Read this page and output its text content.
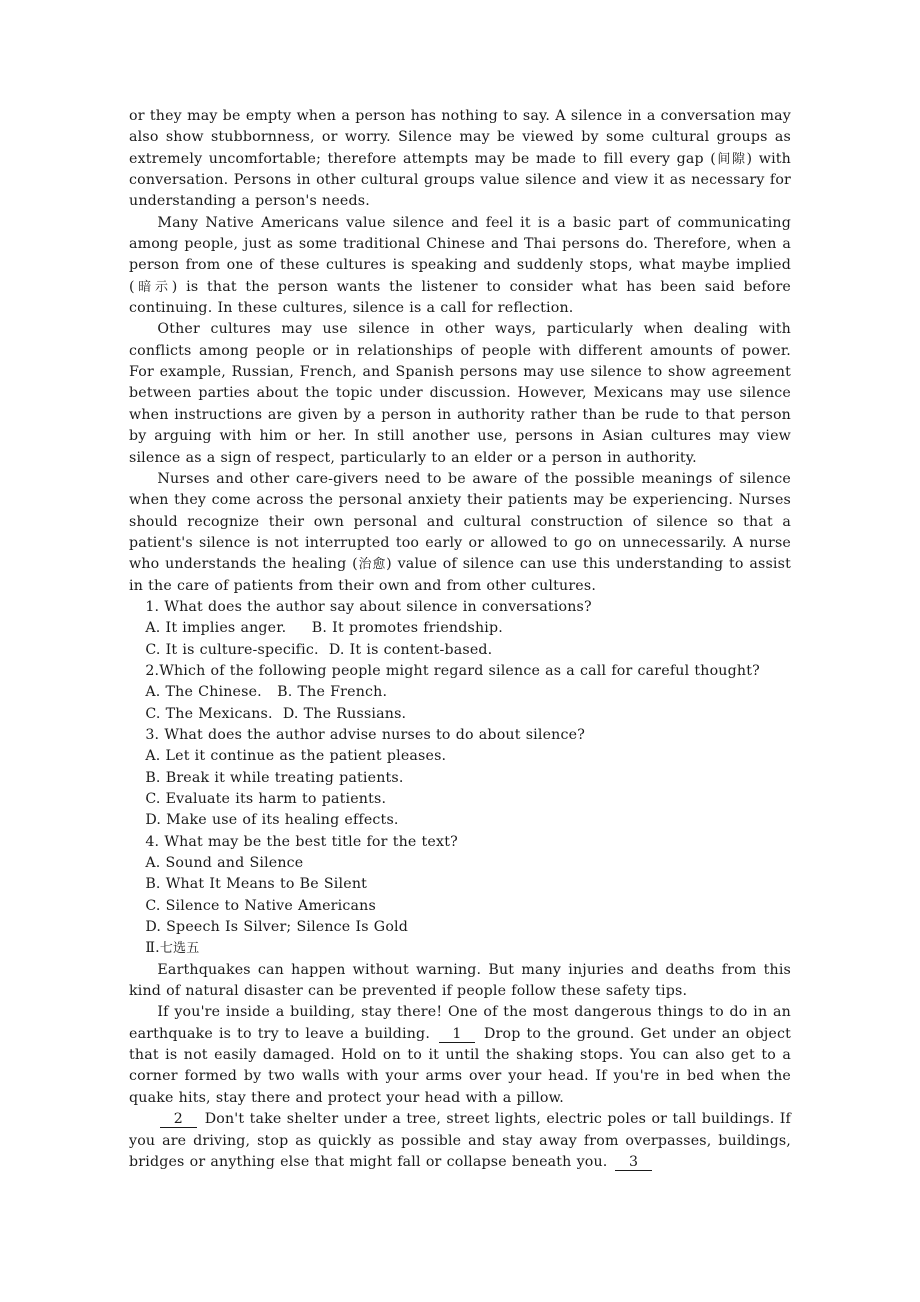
or they may be empty when a person has nothing to say. A silence in a conversation may also show stubbornness, or worry. Silence may be viewed by some cultural groups as extremely uncomfortable; therefore attempts may be made to fill every gap (间隙) with conversation. Persons in other cultural groups value silence and view it as necessary for understanding a person's needs.

Many Native Americans value silence and feel it is a basic part of communicating among people, just as some traditional Chinese and Thai persons do. Therefore, when a person from one of these cultures is speaking and suddenly stops, what maybe implied (暗示) is that the person wants the listener to consider what has been said before continuing. In these cultures, silence is a call for reflection.

Other cultures may use silence in other ways, particularly when dealing with conflicts among people or in relationships of people with different amounts of power. For example, Russian, French, and Spanish persons may use silence to show agreement between parties about the topic under discussion. However, Mexicans may use silence when instructions are given by a person in authority rather than be rude to that person by arguing with him or her. In still another use, persons in Asian cultures may view silence as a sign of respect, particularly to an elder or a person in authority.

Nurses and other care-givers need to be aware of the possible meanings of silence when they come across the personal anxiety their patients may be experiencing. Nurses should recognize their own personal and cultural construction of silence so that a patient's silence is not interrupted too early or allowed to go on unnecessarily. A nurse who understands the healing (治愈) value of silence can use this understanding to assist in the care of patients from their own and from other cultures.

1. What does the author say about silence in conversations?

A. It implies anger.     B. It promotes friendship.

C. It is culture-specific.  D. It is content-based.

2.Which of the following people might regard silence as a call for careful thought?

A. The Chinese.   B. The French.

C. The Mexicans.  D. The Russians.

3. What does the author advise nurses to do about silence?

A. Let it continue as the patient pleases.

B. Break it while treating patients.

C. Evaluate its harm to patients.

D. Make use of its healing effects.

4. What may be the best title for the text?

A. Sound and Silence

B. What It Means to Be Silent

C. Silence to Native Americans

D. Speech Is Silver; Silence Is Gold

Ⅱ.七选五

Earthquakes can happen without warning. But many injuries and deaths from this kind of natural disaster can be prevented if people follow these safety tips.

If you're inside a building, stay there! One of the most dangerous things to do in an earthquake is to try to leave a building. 1 Drop to the ground. Get under an object that is not easily damaged. Hold on to it until the shaking stops. You can also get to a corner formed by two walls with your arms over your head. If you're in bed when the quake hits, stay there and protect your head with a pillow.

2 Don't take shelter under a tree, street lights, electric poles or tall buildings. If you are driving, stop as quickly as possible and stay away from overpasses, buildings, bridges or anything else that might fall or collapse beneath you. 3
